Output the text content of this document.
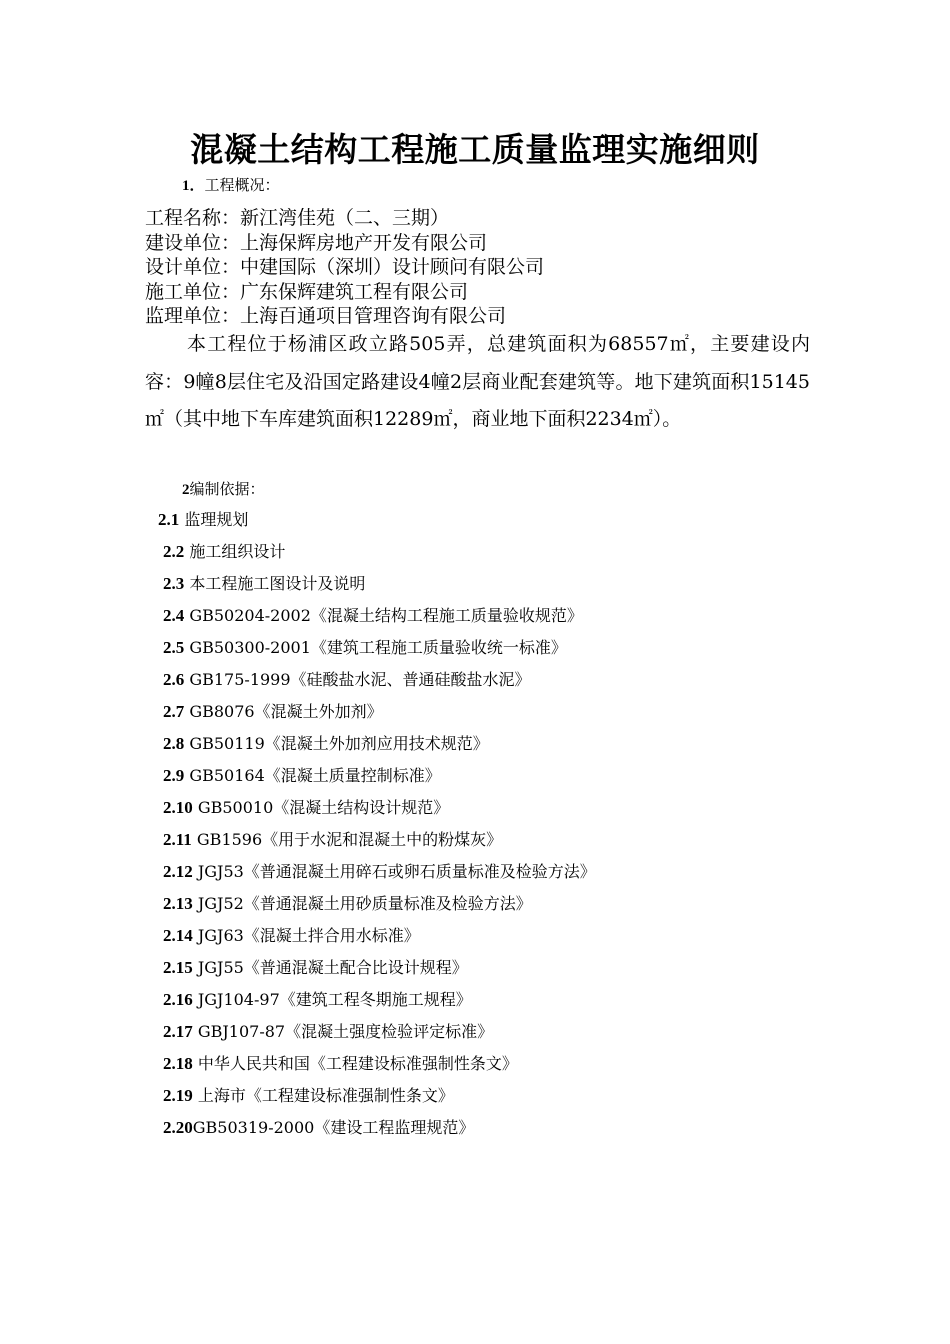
混凝土结构工程施工质量监理实施细则
1．工程概况：
工程名称：新江湾佳苑（二、三期）
建设单位：上海保辉房地产开发有限公司
设计单位：中建国际（深圳）设计顾问有限公司
施工单位：广东保辉建筑工程有限公司
监理单位：上海百通项目管理咨询有限公司
本工程位于杨浦区政立路505弄，总建筑面积为68557㎡，主要建设内容：9幢8层住宅及沿国定路建设4幢2层商业配套建筑等。地下建筑面积15145㎡（其中地下车库建筑面积12289㎡，商业地下面积2234㎡）。
2编制依据：
2.1 监理规划
2.2 施工组织设计
2.3 本工程施工图设计及说明
2.4 GB50204-2002《混凝土结构工程施工质量验收规范》
2.5 GB50300-2001《建筑工程施工质量验收统一标准》
2.6 GB175-1999《硅酸盐水泥、普通硅酸盐水泥》
2.7 GB8076《混凝土外加剂》
2.8 GB50119《混凝土外加剂应用技术规范》
2.9 GB50164《混凝土质量控制标准》
2.10 GB50010《混凝土结构设计规范》
2.11 GB1596《用于水泥和混凝土中的粉煤灰》
2.12 JGJ53《普通混凝土用碎石或卵石质量标准及检验方法》
2.13 JGJ52《普通混凝土用砂质量标准及检验方法》
2.14 JGJ63《混凝土拌合用水标准》
2.15 JGJ55《普通混凝土配合比设计规程》
2.16 JGJ104-97《建筑工程冬期施工规程》
2.17 GBJ107-87《混凝土强度检验评定标准》
2.18 中华人民共和国《工程建设标准强制性条文》
2.19 上海市《工程建设标准强制性条文》
2.20GB50319-2000《建设工程监理规范》
